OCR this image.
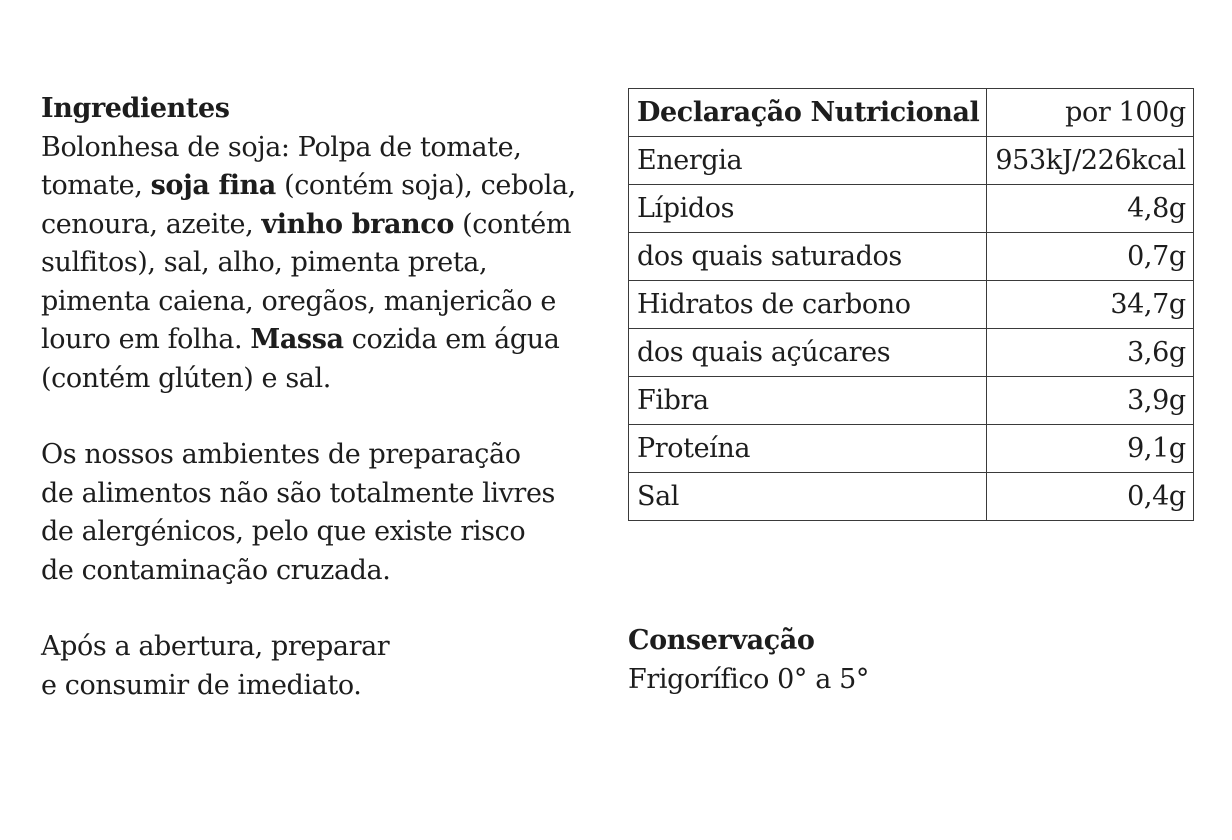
Ingredientes

Bolonhesa de soja: Polpa de tomate, tomate, soja fina (contém soja), cebola, cenoura, azeite, vinho branco (contém sulfitos), sal, alho, pimenta preta, pimenta caiena, oregãos, manjericão e louro em folha. Massa cozida em água (contém glúten) e sal.

Os nossos ambientes de preparação de alimentos não são totalmente livres de alergénicos, pelo que existe risco de contaminação cruzada.

Após a abertura, preparar e consumir de imediato.

Declaração Nutricional	por 100g
Energia	953kJ/226kcal
Lípidos	4,8g
dos quais saturados	0,7g
Hidratos de carbono	34,7g
dos quais açúcares	3,6g
Fibra	3,9g
Proteína	9,1g
Sal	0,4g

Conservação

Frigorífico 0° a 5°
